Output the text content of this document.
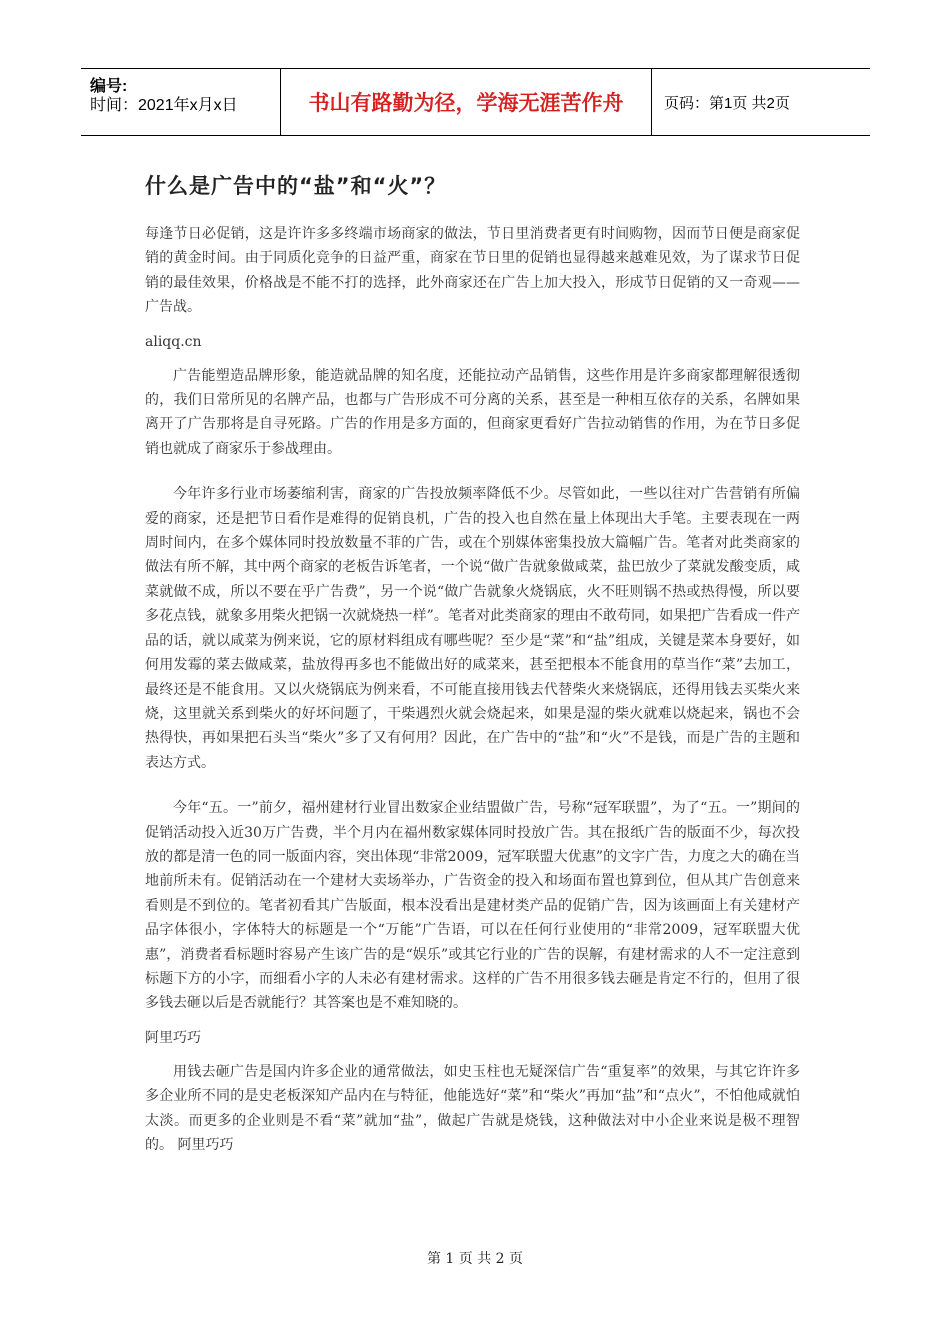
编号:
时间：2021年x月x日	书山有路勤为径，学海无涯苦作舟	页码：第1页 共2页
什么是广告中的“盐”和“火”？

每逢节日必促销，这是许许多多终端市场商家的做法，节日里消费者更有时间购物，因而节日便是商家促销的黄金时间。由于同质化竞争的日益严重，商家在节日里的促销也显得越来越难见效，为了谋求节日促销的最佳效果，价格战是不能不打的选择，此外商家还在广告上加大投入，形成节日促销的又一奇观——广告战。

aliqq.cn

广告能塑造品牌形象，能造就品牌的知名度，还能拉动产品销售，这些作用是许多商家都理解很透彻的，我们日常所见的名牌产品，也都与广告形成不可分离的关系，甚至是一种相互依存的关系，名牌如果离开了广告那将是自寻死路。广告的作用是多方面的，但商家更看好广告拉动销售的作用，为在节日多促销也就成了商家乐于参战理由。

今年许多行业市场萎缩利害，商家的广告投放频率降低不少。尽管如此，一些以往对广告营销有所偏爱的商家，还是把节日看作是难得的促销良机，广告的投入也自然在量上体现出大手笔。主要表现在一两周时间内，在多个媒体同时投放数量不菲的广告，或在个别媒体密集投放大篇幅广告。笔者对此类商家的做法有所不解，其中两个商家的老板告诉笔者，一个说“做广告就象做咸菜，盐巴放少了菜就发酸变质，咸菜就做不成，所以不要在乎广告费”，另一个说“做广告就象火烧锅底，火不旺则锅不热或热得慢，所以要多花点钱，就象多用柴火把锅一次就烧热一样”。笔者对此类商家的理由不敢苟同，如果把广告看成一件产品的话，就以咸菜为例来说，它的原材料组成有哪些呢？至少是“菜”和“盐”组成，关键是菜本身要好，如何用发霉的菜去做咸菜，盐放得再多也不能做出好的咸菜来，甚至把根本不能食用的草当作“菜”去加工，最终还是不能食用。又以火烧锅底为例来看，不可能直接用钱去代替柴火来烧锅底，还得用钱去买柴火来烧，这里就关系到柴火的好坏问题了，干柴遇烈火就会烧起来，如果是湿的柴火就难以烧起来，锅也不会热得快，再如果把石头当“柴火”多了又有何用？因此，在广告中的“盐”和“火”不是钱，而是广告的主题和表达方式。

今年“五。一”前夕，福州建材行业冒出数家企业结盟做广告，号称“冠军联盟”，为了“五。一”期间的促销活动投入近30万广告费，半个月内在福州数家媒体同时投放广告。其在报纸广告的版面不少，每次投放的都是清一色的同一版面内容，突出体现“非常2009，冠军联盟大优惠”的文字广告，力度之大的确在当地前所未有。促销活动在一个建材大卖场举办，广告资金的投入和场面布置也算到位，但从其广告创意来看则是不到位的。笔者初看其广告版面，根本没看出是建材类产品的促销广告，因为该画面上有关建材产品字体很小，字体特大的标题是一个“万能”广告语，可以在任何行业使用的“非常2009，冠军联盟大优惠”，消费者看标题时容易产生该广告的是“娱乐”或其它行业的广告的误解，有建材需求的人不一定注意到标题下方的小字，而细看小字的人未必有建材需求。这样的广告不用很多钱去砸是肯定不行的，但用了很多钱去砸以后是否就能行？其答案也是不难知晓的。

阿里巧巧

用钱去砸广告是国内许多企业的通常做法，如史玉柱也无疑深信广告“重复率”的效果，与其它许许多多企业所不同的是史老板深知产品内在与特征，他能选好“菜”和“柴火”再加“盐”和“点火”，不怕他咸就怕太淡。而更多的企业则是不看“菜”就加“盐”，做起广告就是烧钱，这种做法对中小企业来说是极不理智的。 阿里巧巧

第 1 页 共 2 页
